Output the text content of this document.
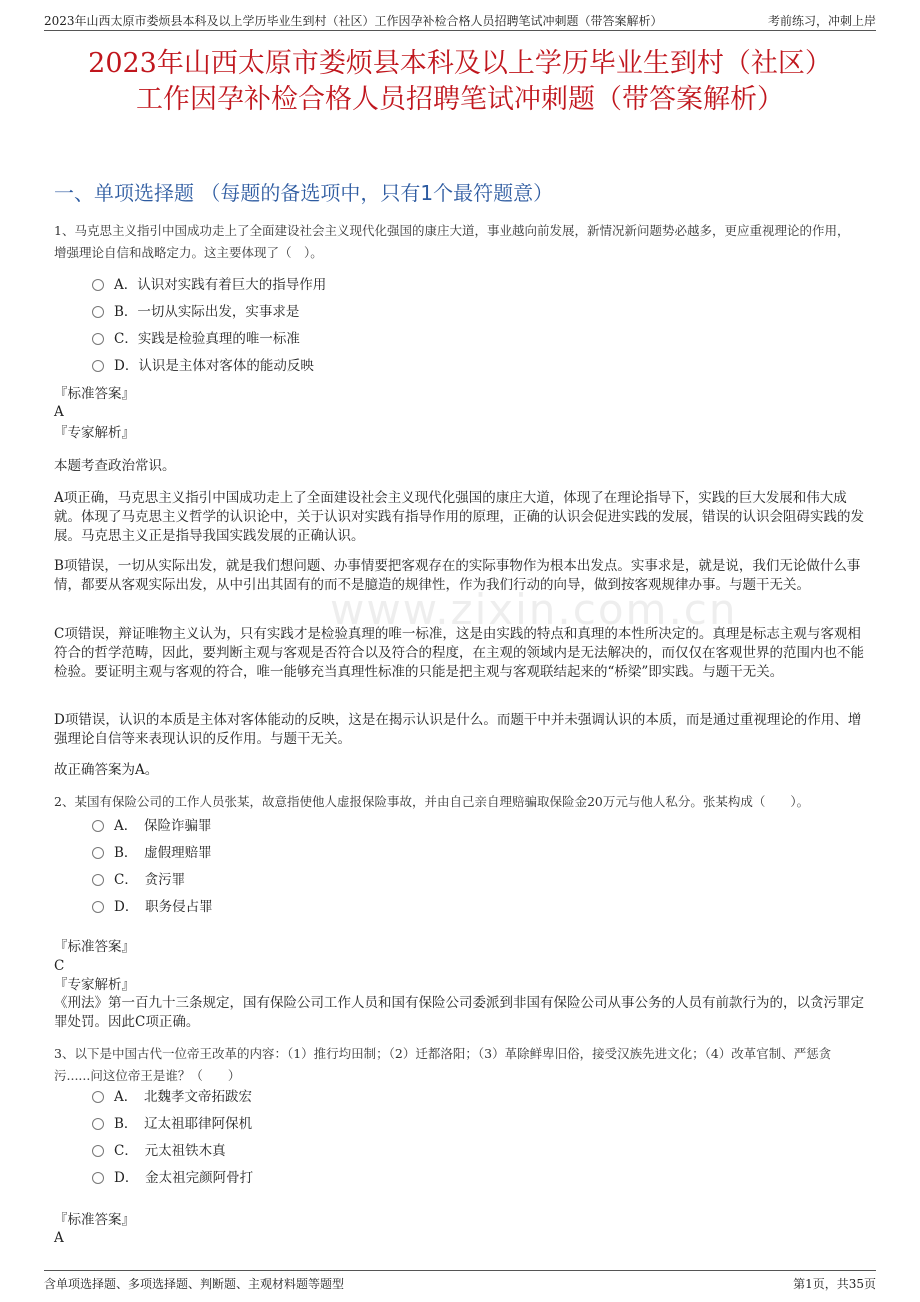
2023年山西太原市娄烦县本科及以上学历毕业生到村（社区）工作因孕补检合格人员招聘笔试冲刺题（带答案解析）	考前练习，冲刺上岸
www.zixin.com.cn
2023年山西太原市娄烦县本科及以上学历毕业生到村（社区）
工作因孕补检合格人员招聘笔试冲刺题（带答案解析）
一、单项选择题 （每题的备选项中，只有1个最符题意）
1、马克思主义指引中国成功走上了全面建设社会主义现代化强国的康庄大道，事业越向前发展，新情况新问题势必越多，更应重视理论的作用，增强理论自信和战略定力。这主要体现了（　）。
A．认识对实践有着巨大的指导作用
B．一切从实际出发，实事求是
C．实践是检验真理的唯一标准
D．认识是主体对客体的能动反映
『标准答案』
A
『专家解析』
本题考查政治常识。
A项正确，马克思主义指引中国成功走上了全面建设社会主义现代化强国的康庄大道，体现了在理论指导下，实践的巨大发展和伟大成就。体现了马克思主义哲学的认识论中，关于认识对实践有指导作用的原理，正确的认识会促进实践的发展，错误的认识会阻碍实践的发展。马克思主义正是指导我国实践发展的正确认识。
B项错误，一切从实际出发，就是我们想问题、办事情要把客观存在的实际事物作为根本出发点。实事求是，就是说，我们无论做什么事情，都要从客观实际出发，从中引出其固有的而不是臆造的规律性，作为我们行动的向导，做到按客观规律办事。与题干无关。
C项错误，辩证唯物主义认为，只有实践才是检验真理的唯一标准，这是由实践的特点和真理的本性所决定的。真理是标志主观与客观相符合的哲学范畴，因此，要判断主观与客观是否符合以及符合的程度，在主观的领域内是无法解决的，而仅仅在客观世界的范围内也不能检验。要证明主观与客观的符合，唯一能够充当真理性标准的只能是把主观与客观联结起来的“桥梁”即实践。与题干无关。
D项错误，认识的本质是主体对客体能动的反映，这是在揭示认识是什么。而题干中并未强调认识的本质，而是通过重视理论的作用、增强理论自信等来表现认识的反作用。与题干无关。
故正确答案为A。
2、某国有保险公司的工作人员张某，故意指使他人虚报保险事故，并由自己亲自理赔骗取保险金20万元与他人私分。张某构成（　　）。
A．　保险诈骗罪
B．　虚假理赔罪
C．　贪污罪
D．　职务侵占罪
『标准答案』
C
『专家解析』
《刑法》第一百九十三条规定，国有保险公司工作人员和国有保险公司委派到非国有保险公司从事公务的人员有前款行为的，以贪污罪定罪处罚。因此C项正确。
3、以下是中国古代一位帝王改革的内容：（1）推行均田制；（2）迁都洛阳；（3）革除鲜卑旧俗，接受汉族先进文化；（4）改革官制、严惩贪污......问这位帝王是谁？（　　）
A．　北魏孝文帝拓跋宏
B．　辽太祖耶律阿保机
C．　元太祖铁木真
D．　金太祖完颜阿骨打
『标准答案』
A
含单项选择题、多项选择题、判断题、主观材料题等题型	第1页，共35页
